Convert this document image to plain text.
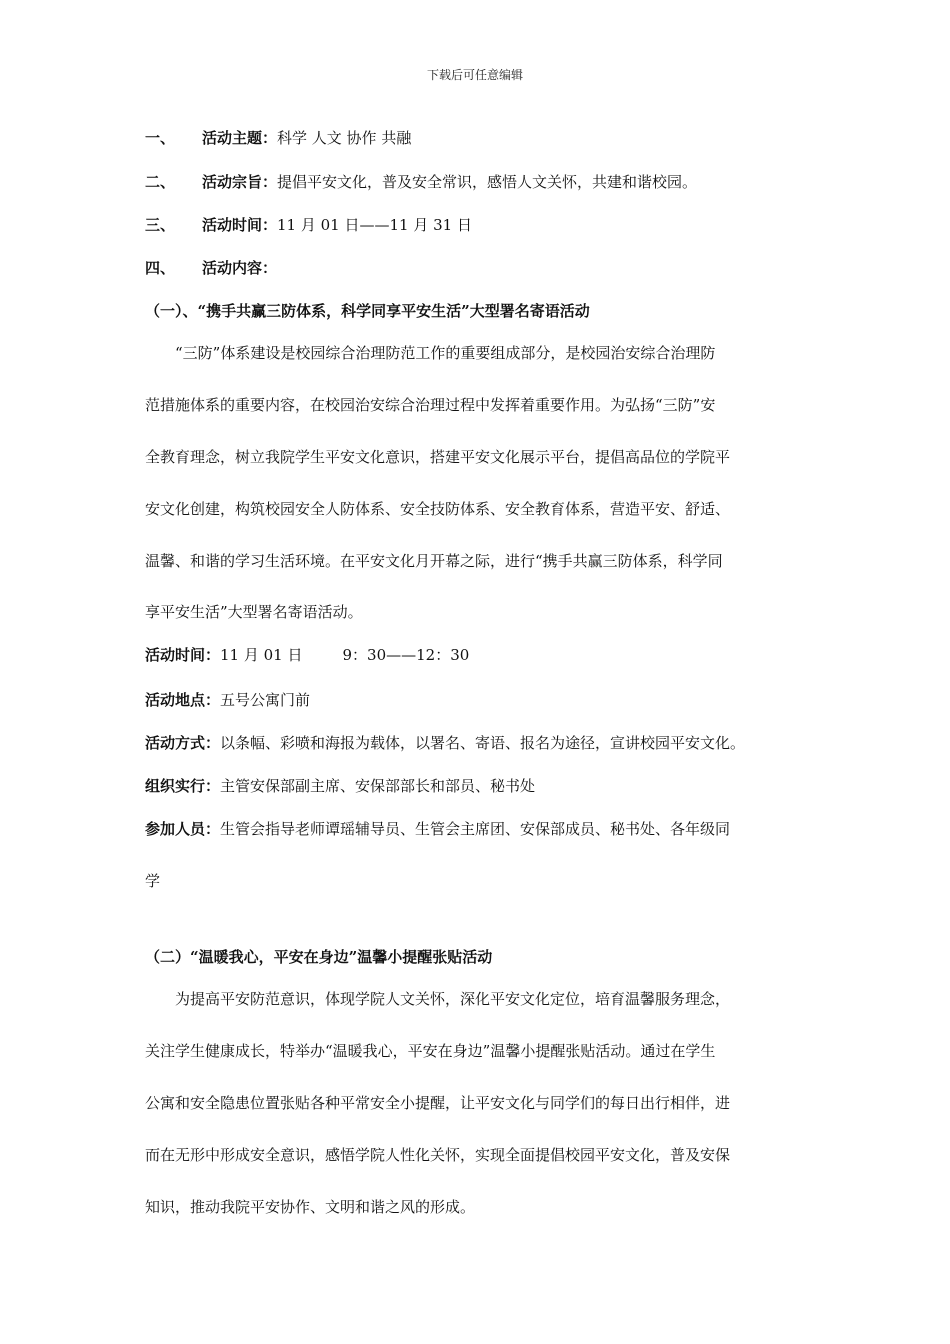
下载后可任意编辑
一、 活动主题：科学 人文 协作 共融
二、 活动宗旨：提倡平安文化，普及安全常识，感悟人文关怀，共建和谐校园。
三、 活动时间：11 月 01 日——11 月 31 日
四、 活动内容：
（一）、“携手共赢三防体系，科学同享平安生活”大型署名寄语活动
　　“三防”体系建设是校园综合治理防范工作的重要组成部分，是校园治安综合治理防
范措施体系的重要内容，在校园治安综合治理过程中发挥着重要作用。为弘扬“三防”安
全教育理念，树立我院学生平安文化意识，搭建平安文化展示平台，提倡高品位的学院平
安文化创建，构筑校园安全人防体系、安全技防体系、安全教育体系，营造平安、舒适、
温馨、和谐的学习生活环境。在平安文化月开幕之际，进行“携手共赢三防体系，科学同
享平安生活”大型署名寄语活动。
活动时间：11 月 01 日	9：30——12：30
活动地点：五号公寓门前
活动方式：以条幅、彩喷和海报为载体，以署名、寄语、报名为途径，宣讲校园平安文化。
组织实行：主管安保部副主席、安保部部长和部员、秘书处
参加人员：生管会指导老师谭瑶辅导员、生管会主席团、安保部成员、秘书处、各年级同
学
（二）“温暖我心，平安在身边”温馨小提醒张贴活动
　　为提高平安防范意识，体现学院人文关怀，深化平安文化定位，培育温馨服务理念，
关注学生健康成长，特举办“温暖我心，平安在身边”温馨小提醒张贴活动。通过在学生
公寓和安全隐患位置张贴各种平常安全小提醒，让平安文化与同学们的每日出行相伴，进
而在无形中形成安全意识，感悟学院人性化关怀，实现全面提倡校园平安文化，普及安保
知识，推动我院平安协作、文明和谐之风的形成。
